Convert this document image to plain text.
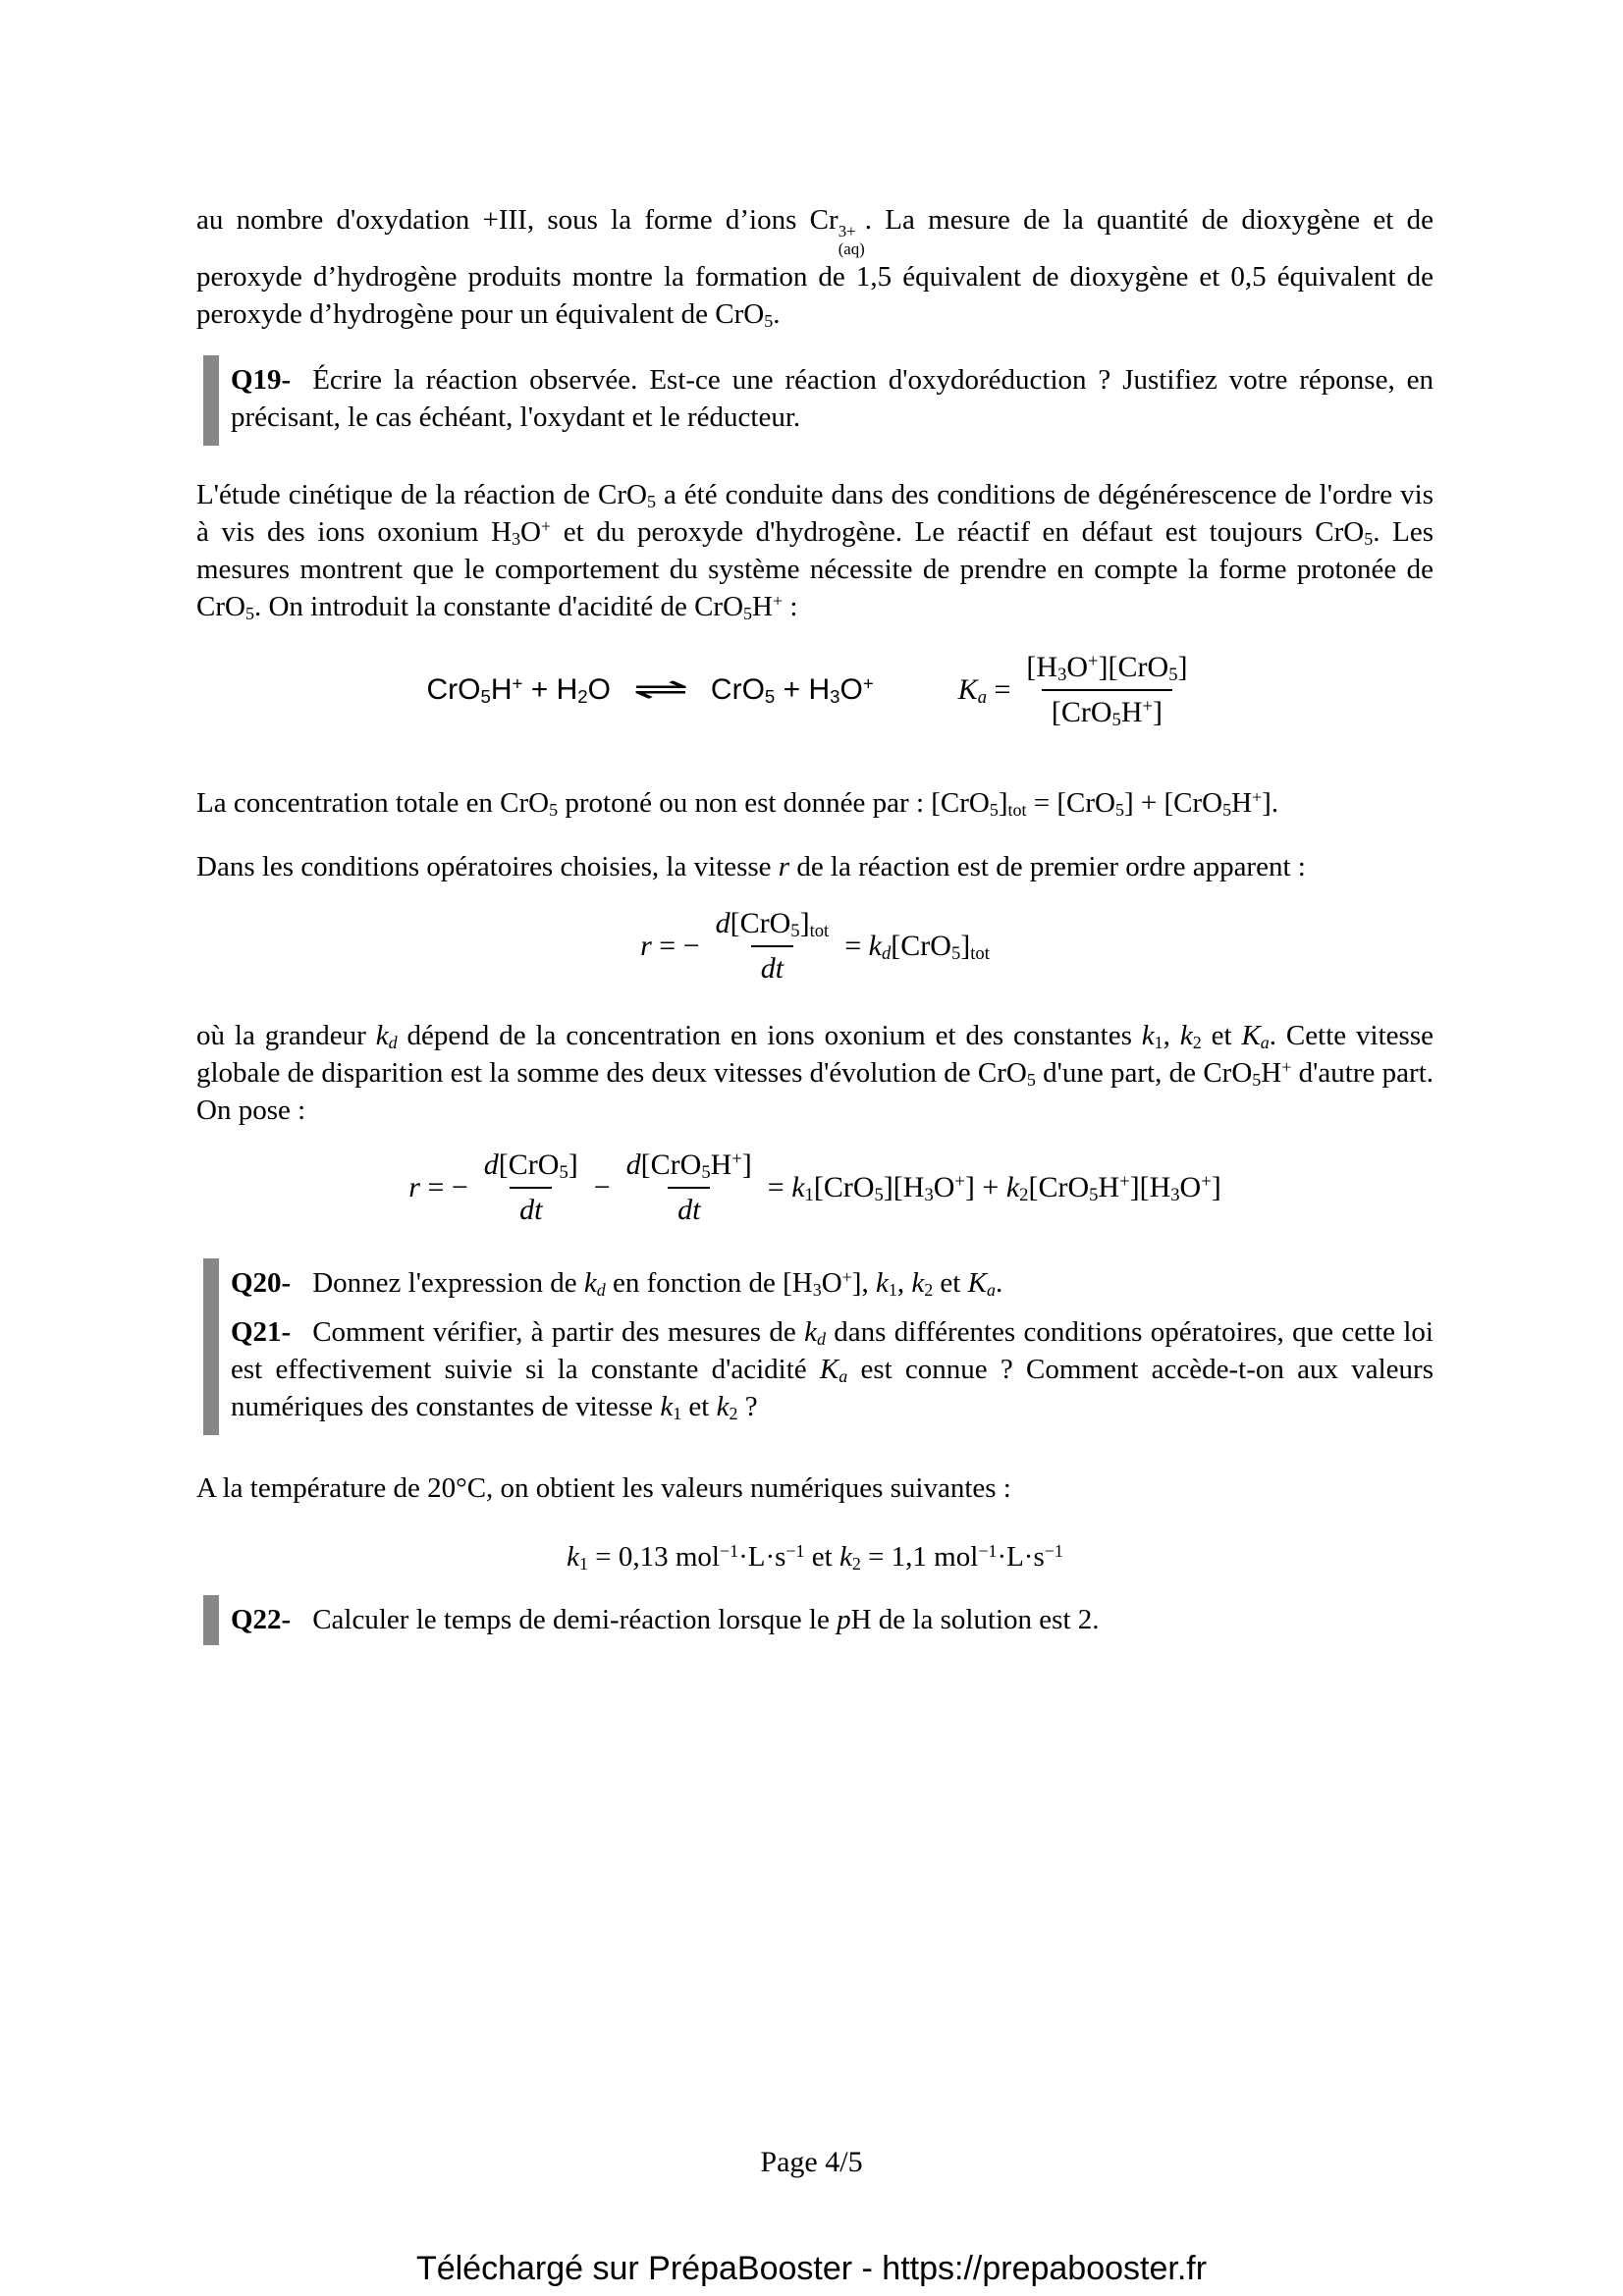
au nombre d'oxydation +III, sous la forme d’ions Cr 3+
(aq)
. La mesure de la quantité de dioxygène et de peroxyde d’hydrogène produits montre la formation de 1,5 équivalent de dioxygène et 0,5 équivalent de peroxyde d’hydrogène pour un équivalent de CrO$_5$.

Q19- Écrire la réaction observée. Est-ce une réaction d'oxydoréduction ? Justifiez votre réponse, en précisant, le cas échéant, l'oxydant et le réducteur.

L'étude cinétique de la réaction de CrO$_5$ a été conduite dans des conditions de dégénérescence de l'ordre vis à vis des ions oxonium $H_3O^+$ et du peroxyde d'hydrogène. Le réactif en défaut est toujours CrO$_5$. Les mesures montrent que le comportement du système nécessite de prendre en compte la forme protonée de CrO$_5$. On introduit la constante d'acidité de CrO$_5$H+ :

$CrO_5H^+ + H_2O$ ⇌ $CrO_5 + H_3O^+$	$K_a = \frac{[H_3O^+][CrO_5]}{[CrO_5H^+]}$

La concentration totale en CrO$_5$ protoné ou non est donnée par : $[CrO_5]_{tot} = [CrO_5] + [CrO_5H^+]$.

Dans les conditions opératoires choisies, la vitesse r de la réaction est de premier ordre apparent :

r = − $\frac{d[CrO_5]_{tot}}{dt} = k_d[CrO_5]_{tot}$

où la grandeur $k_d$ dépend de la concentration en ions oxonium et des constantes $k_1$, $k_2$ et $K_a$. Cette vitesse globale de disparition est la somme des deux vitesses d'évolution de CrO$_5$ d'une part, de CrO$_5$H+ d'autre part. On pose :

r = − $\frac{d[CrO_5]}{dt} - \frac{d[CrO_5H^+]}{dt} = k_1[CrO_5][H_3O^+] + k_2[CrO_5H^+][H_3O^+]$

Q20- Donnez l'expression de $k_d$ en fonction de $[H_3O^+]$, $k_1$, $k_2$ et $K_a$.

Q21- Comment vérifier, à partir des mesures de $k_d$ dans différentes conditions opératoires, que cette loi est effectivement suivie si la constante d'acidité $K_a$ est connue ? Comment accède-t-on aux valeurs numériques des constantes de vitesse $k_1$ et $k_2$ ?

A la température de 20°C, on obtient les valeurs numériques suivantes :

$k_1 = 0,13$ $mol^{-1}\cdot L\cdot s^{-1}$ et $k_2 = 1,1$ $mol^{-1}\cdot L\cdot s^{-1}$

Q22- Calculer le temps de demi-réaction lorsque le pH de la solution est 2.
Page 4/5
Téléchargé sur PrépaBooster - https://prepabooster.fr
